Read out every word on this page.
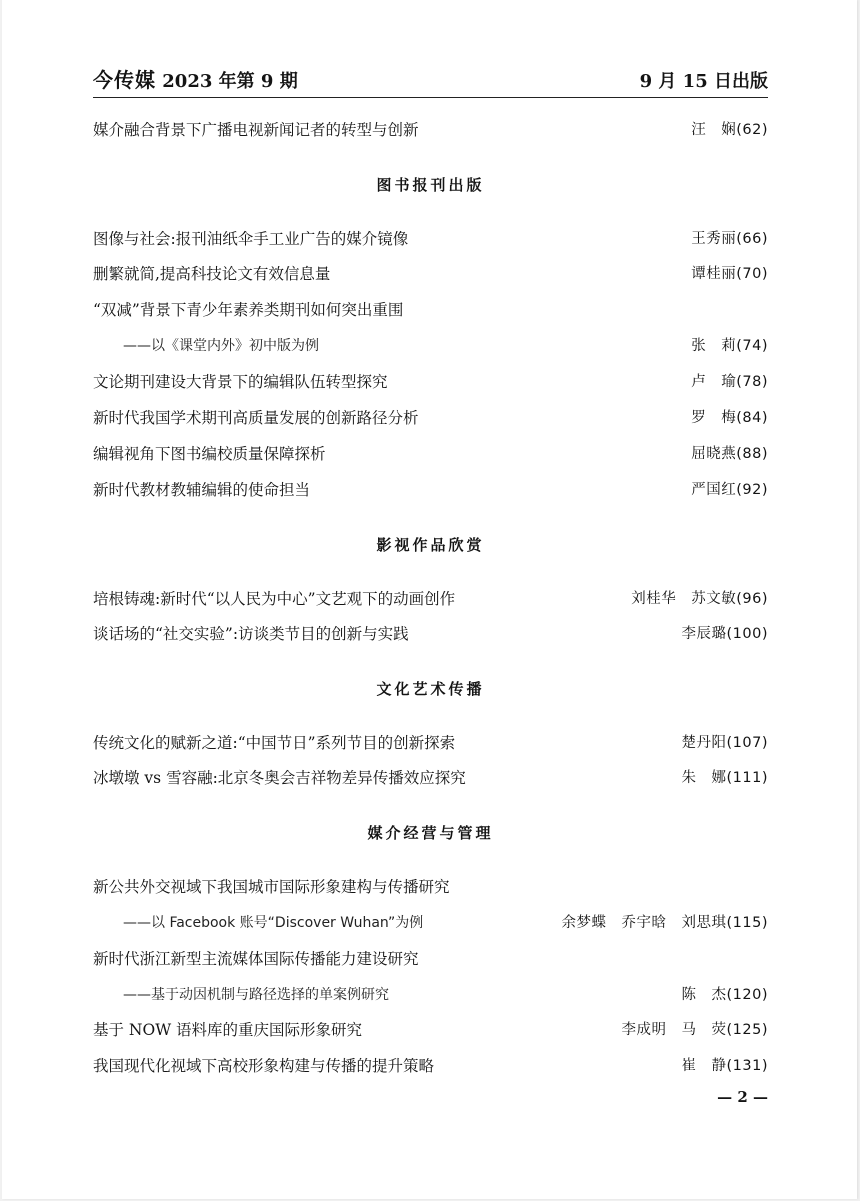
今传媒 2023 年第 9 期	9 月 15 日出版
媒介融合背景下广播电视新闻记者的转型与创新	汪　娴(62)
图书报刊出版
图像与社会:报刊油纸伞手工业广告的媒介镜像	王秀丽(66)
删繁就简,提高科技论文有效信息量	谭桂丽(70)
“双减”背景下青少年素养类期刊如何突出重围
——以《课堂内外》初中版为例	张　莉(74)
文论期刊建设大背景下的编辑队伍转型探究	卢　瑜(78)
新时代我国学术期刊高质量发展的创新路径分析	罗　梅(84)
编辑视角下图书编校质量保障探析	屈晓燕(88)
新时代教材教辅编辑的使命担当	严国红(92)
影视作品欣赏
培根铸魂:新时代“以人民为中心”文艺观下的动画创作	刘桂华　苏文敏(96)
谈话场的“社交实验”:访谈类节目的创新与实践	李辰璐(100)
文化艺术传播
传统文化的赋新之道:“中国节日”系列节目的创新探索	楚丹阳(107)
冰墩墩 vs 雪容融:北京冬奥会吉祥物差异传播效应探究	朱　娜(111)
媒介经营与管理
新公共外交视域下我国城市国际形象建构与传播研究
——以 Facebook 账号“Discover Wuhan”为例	余梦蝶　乔宇晗　刘思琪(115)
新时代浙江新型主流媒体国际传播能力建设研究
——基于动因机制与路径选择的单案例研究	陈　杰(120)
基于 NOW 语料库的重庆国际形象研究	李成明　马　荧(125)
我国现代化视域下高校形象构建与传播的提升策略	崔　静(131)
— 2 —
